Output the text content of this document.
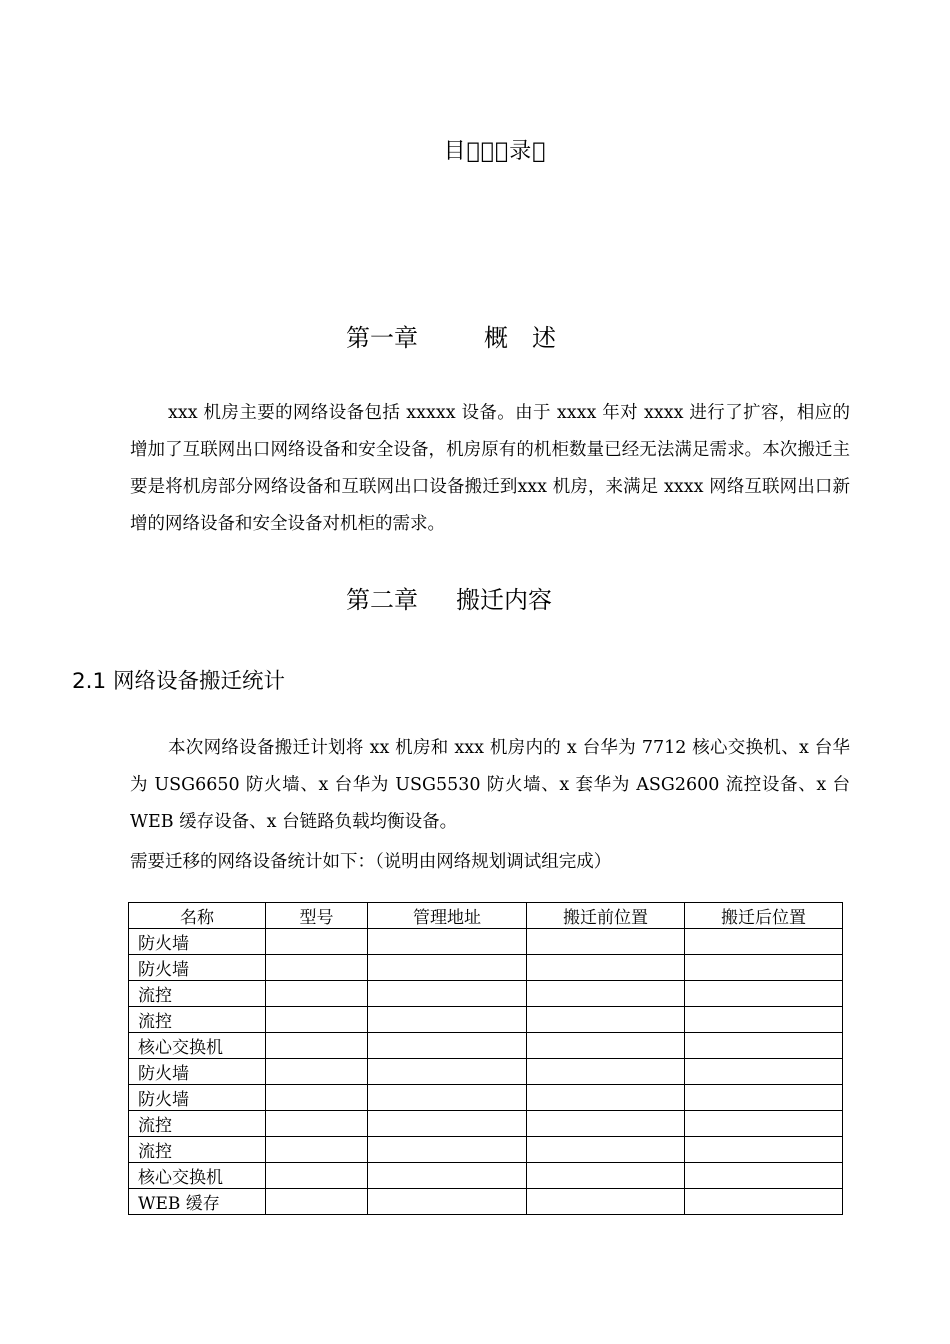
目   录 
第一章	概　述
xxx 机房主要的网络设备包括 xxxxx 设备。由于 xxxx 年对 xxxx 进行了扩容，相应的增加了互联网出口网络设备和安全设备，机房原有的机柜数量已经无法满足需求。本次搬迁主要是将机房部分网络设备和互联网出口设备搬迁到xxx 机房，来满足 xxxx 网络互联网出口新增的网络设备和安全设备对机柜的需求。
第二章 搬迁内容
2.1 网络设备搬迁统计
本次网络设备搬迁计划将 xx 机房和 xxx 机房内的 x 台华为 7712 核心交换机、x 台华为 USG6650 防火墙、x 台华为 USG5530 防火墙、x 套华为 ASG2600 流控设备、x 台 WEB 缓存设备、x 台链路负载均衡设备。
需要迁移的网络设备统计如下：（说明由网络规划调试组完成）
名称	型号	管理地址	搬迁前位置	搬迁后位置
防火墙				
防火墙				
流控				
流控				
核心交换机				
防火墙				
防火墙				
流控				
流控				
核心交换机				
WEB 缓存				
